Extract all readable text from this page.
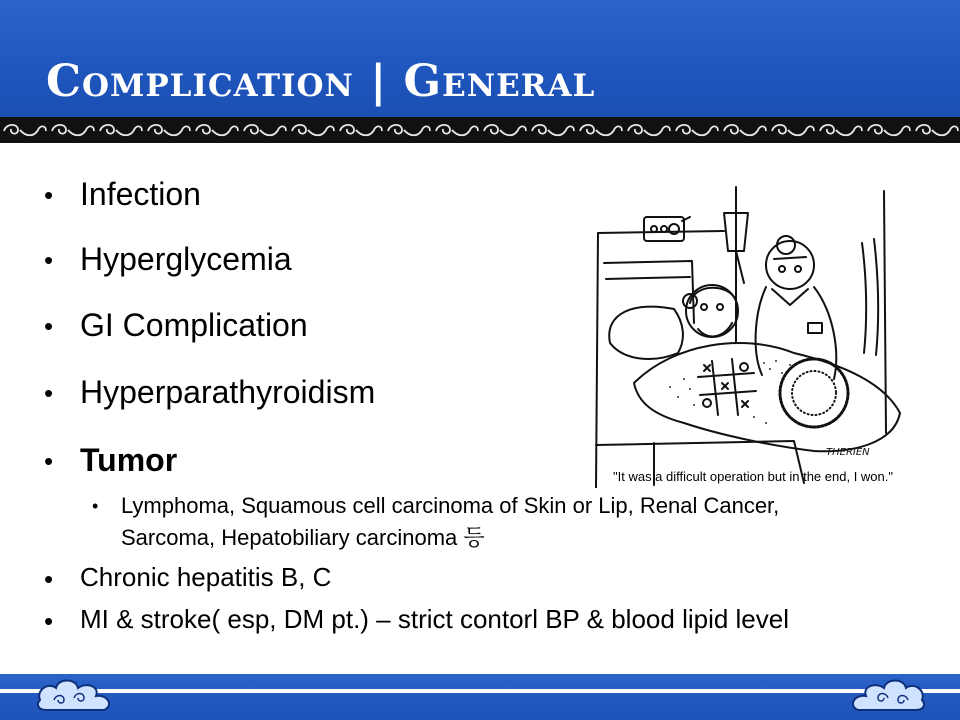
Complication | General
• Infection
• Hyperglycemia
• GI Complication
• Hyperparathyroidism
• Tumor
• Lymphoma, Squamous cell carcinoma of Skin or Lip, Renal Cancer,
Sarcoma, Hepatobiliary carcinoma 등
• Chronic hepatitis B, C
• MI & stroke( esp, DM pt.) – strict contorl BP & blood lipid level
THERIEN
"It was a difficult operation but in the end, I won."
